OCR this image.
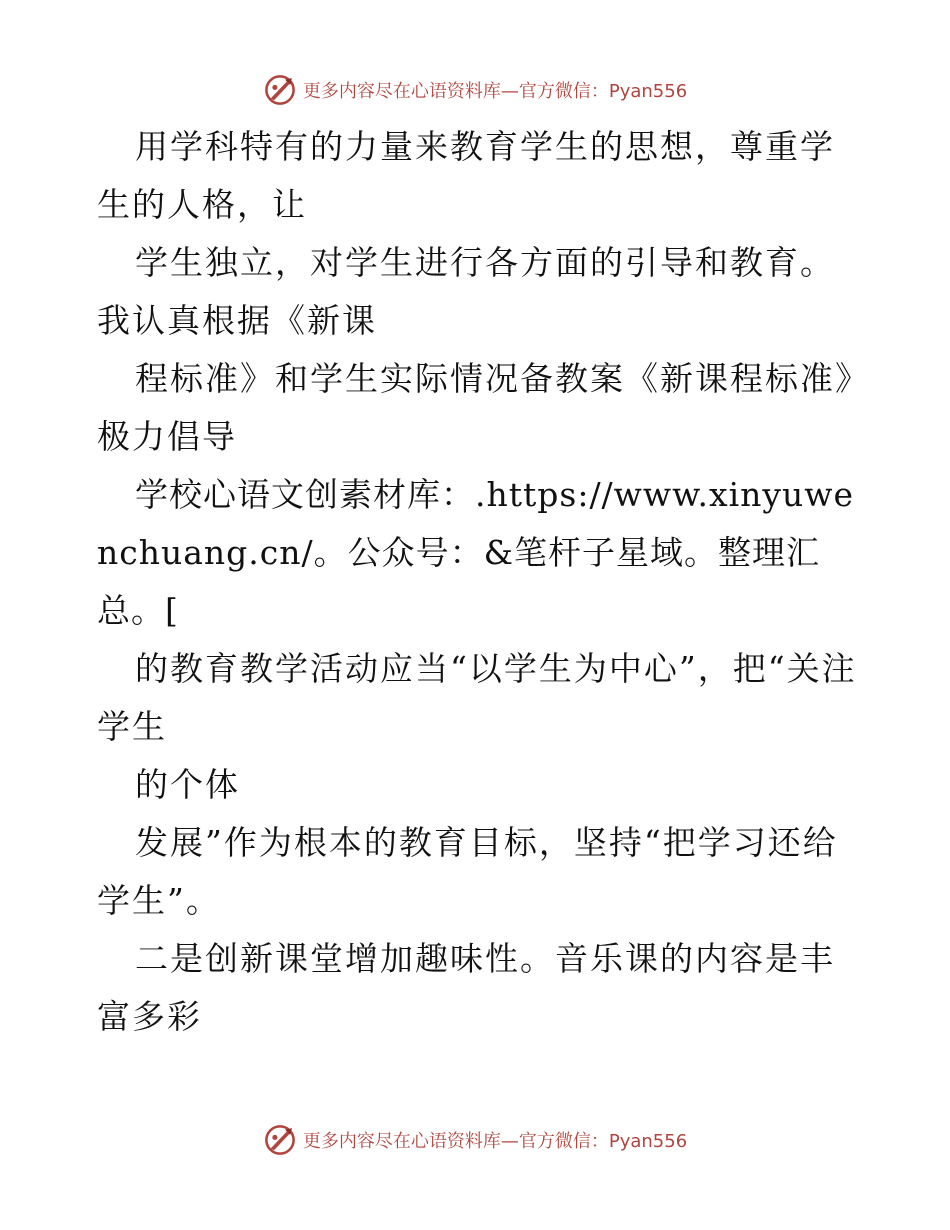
更多内容尽在心语资料库—官方微信：Pyan556

用学科特有的力量来教育学生的思想，尊重学生的人格，让

学生独立，对学生进行各方面的引导和教育。我认真根据《新课

程标准》和学生实际情况备教案《新课程标准》极力倡导

学校心语文创素材库：.https://www.xinyuwenchuang.cn/。公众号：&笔杆子星域。整理汇总。[

的教育教学活动应当“以学生为中心”，把“关注学生

的个体

发展”作为根本的教育目标，坚持“把学习还给学生”。

二是创新课堂增加趣味性。音乐课的内容是丰富多彩

更多内容尽在心语资料库—官方微信：Pyan556
